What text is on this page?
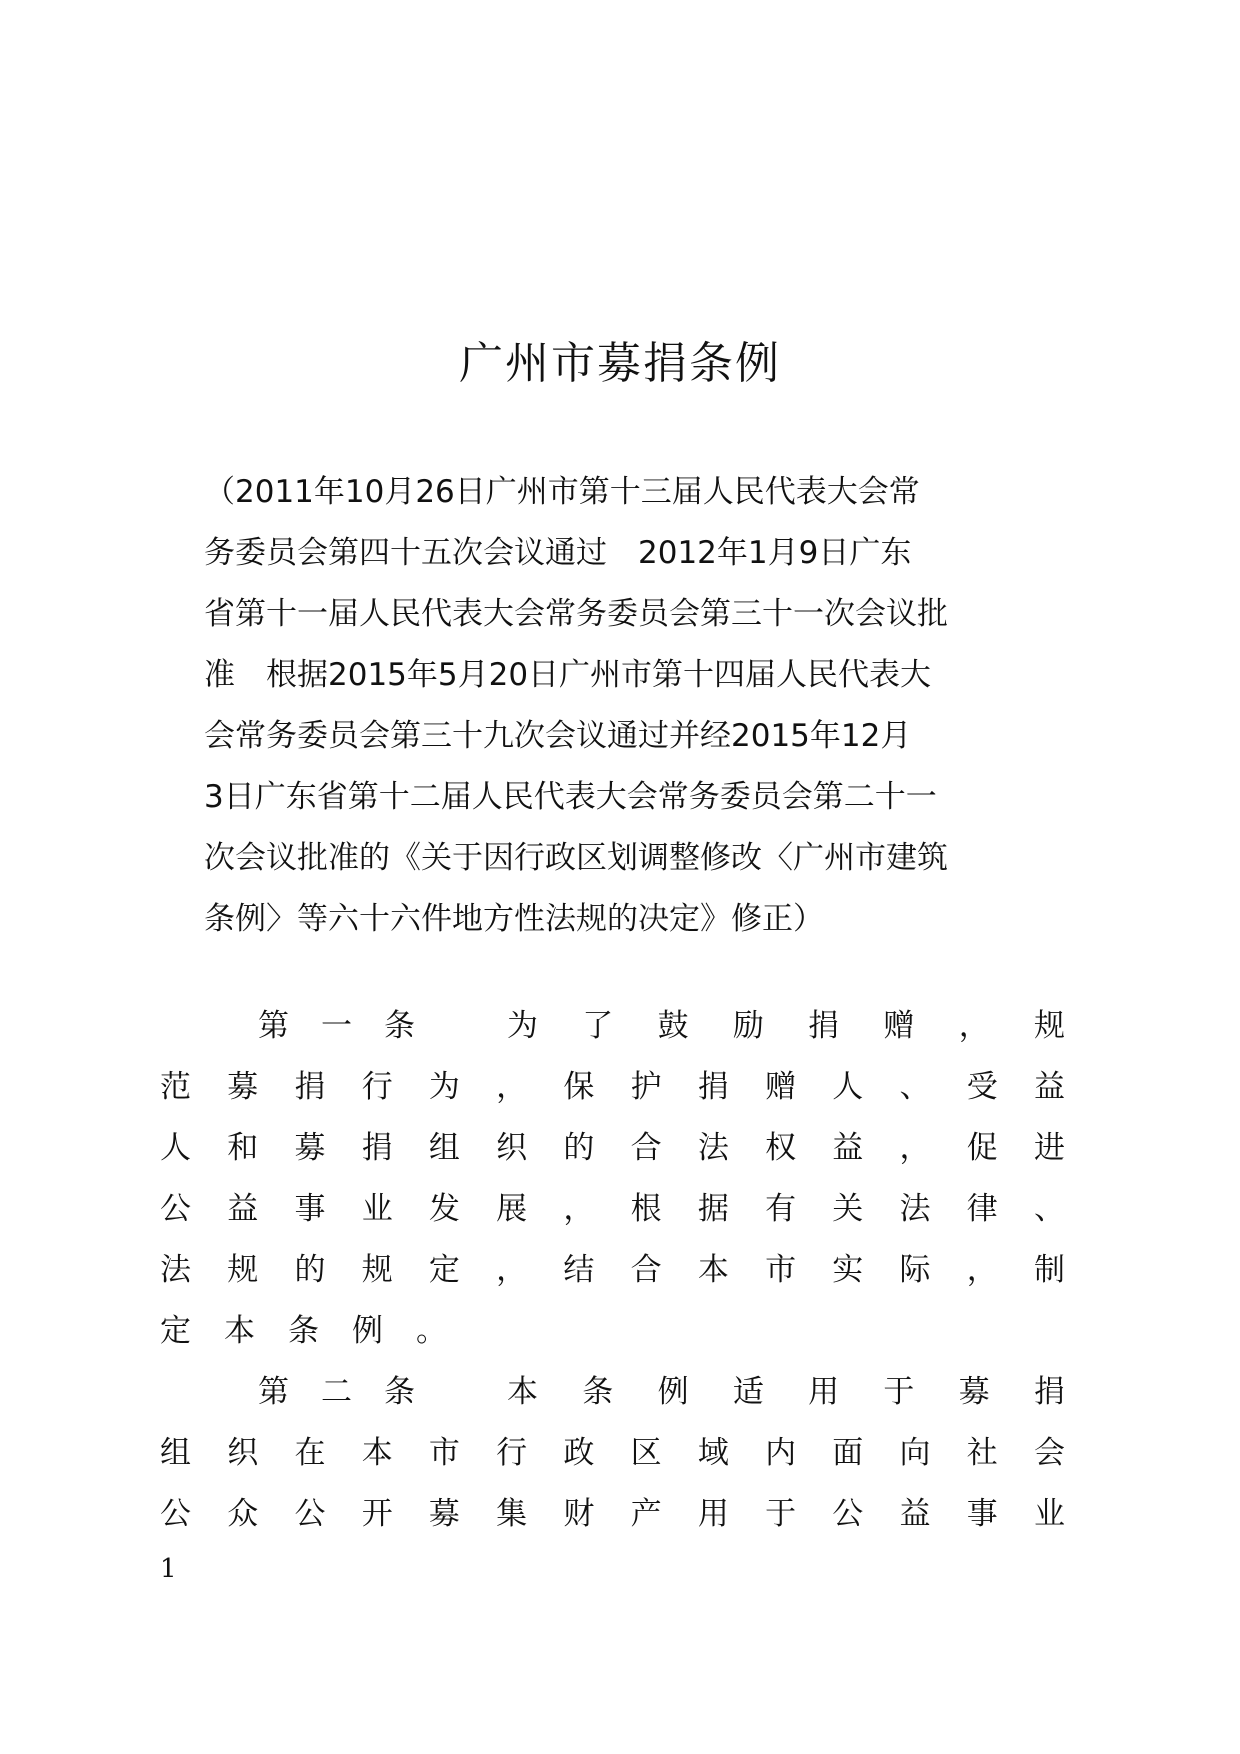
广州市募捐条例
（2011年10月26日广州市第十三届人民代表大会常
务委员会第四十五次会议通过　2012年1月9日广东
省第十一届人民代表大会常务委员会第三十一次会议批
准　根据2015年5月20日广州市第十四届人民代表大
会常务委员会第三十九次会议通过并经2015年12月
3日广东省第十二届人民代表大会常务委员会第二十一
次会议批准的《关于因行政区划调整修改〈广州市建筑
条例〉等六十六件地方性法规的决定》修正）
第一条 为了鼓励捐赠，规
范募捐行为，保护捐赠人、受益
人和募捐组织的合法权益，促进
公益事业发展，根据有关法律、
法规的规定，结合本市实际，制
定本条例。
第二条 本条例适用于募捐
组织在本市行政区域内面向社会
公众公开募集财产用于公益事业
1
